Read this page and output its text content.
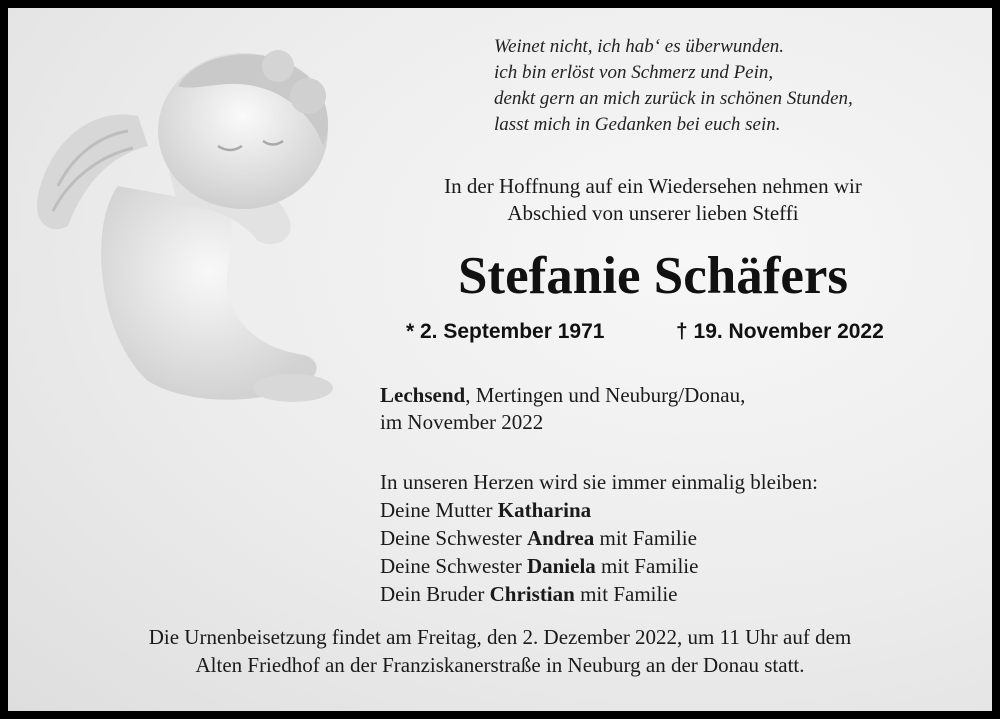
Weinet nicht, ich hab‘ es überwunden.
ich bin erlöst von Schmerz und Pein,
denkt gern an mich zurück in schönen Stunden,
lasst mich in Gedanken bei euch sein.
In der Hoffnung auf ein Wiedersehen nehmen wir
Abschied von unserer lieben Steffi
Stefanie Schäfers
* 2. September 1971	† 19. November 2022
Lechsend, Mertingen und Neuburg/Donau,
im November 2022
In unseren Herzen wird sie immer einmalig bleiben:
Deine Mutter Katharina
Deine Schwester Andrea mit Familie
Deine Schwester Daniela mit Familie
Dein Bruder Christian mit Familie
Die Urnenbeisetzung findet am Freitag, den 2. Dezember 2022, um 11 Uhr auf dem
Alten Friedhof an der Franziskanerstraße in Neuburg an der Donau statt.
